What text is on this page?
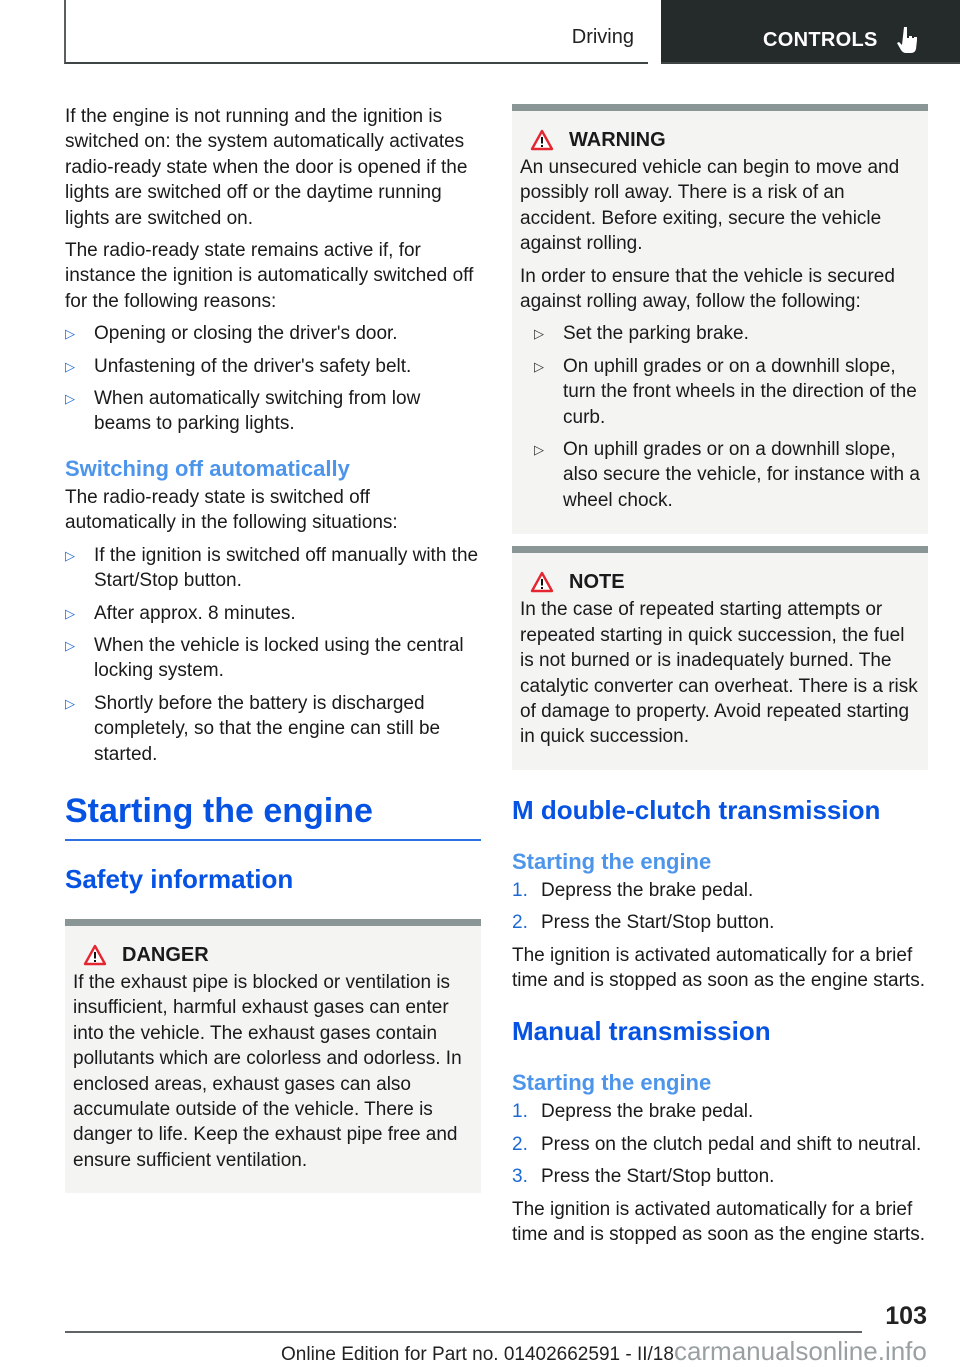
Driving	CONTROLS

If the engine is not running and the ignition is switched on: the system automatically activates radio-ready state when the door is opened if the lights are switched off or the daytime running lights are switched on.

The radio-ready state remains active if, for instance the ignition is automatically switched off for the following reasons:

▷ Opening or closing the driver's door.
▷ Unfastening of the driver's safety belt.
▷ When automatically switching from low beams to parking lights.
Switching off automatically

The radio-ready state is switched off automatically in the following situations:

▷ If the ignition is switched off manually with the Start/Stop button.
▷ After approx. 8 minutes.
▷ When the vehicle is locked using the central locking system.
▷ Shortly before the battery is discharged completely, so that the engine can still be started.
Starting the engine
Safety information
DANGER

If the exhaust pipe is blocked or ventilation is insufficient, harmful exhaust gases can enter into the vehicle. The exhaust gases contain pollutants which are colorless and odorless. In enclosed areas, exhaust gases can also accumulate outside of the vehicle. There is danger to life. Keep the exhaust pipe free and ensure sufficient ventilation.

WARNING

An unsecured vehicle can begin to move and possibly roll away. There is a risk of an accident. Before exiting, secure the vehicle against rolling.

In order to ensure that the vehicle is secured against rolling away, follow the following:

▷ Set the parking brake.
▷ On uphill grades or on a downhill slope, turn the front wheels in the direction of the curb.
▷ On uphill grades or on a downhill slope, also secure the vehicle, for instance with a wheel chock.
NOTE

In the case of repeated starting attempts or repeated starting in quick succession, the fuel is not burned or is inadequately burned. The catalytic converter can overheat. There is a risk of damage to property. Avoid repeated starting in quick succession.

M double-clutch transmission
Starting the engine
1. Depress the brake pedal.
2. Press the Start/Stop button.

The ignition is activated automatically for a brief time and is stopped as soon as the engine starts.

Manual transmission
Starting the engine
1. Depress the brake pedal.
2. Press on the clutch pedal and shift to neutral.
3. Press the Start/Stop button.

The ignition is activated automatically for a brief time and is stopped as soon as the engine starts.

103
Online Edition for Part no. 01402662591 - II/18carmanualsonline.info
